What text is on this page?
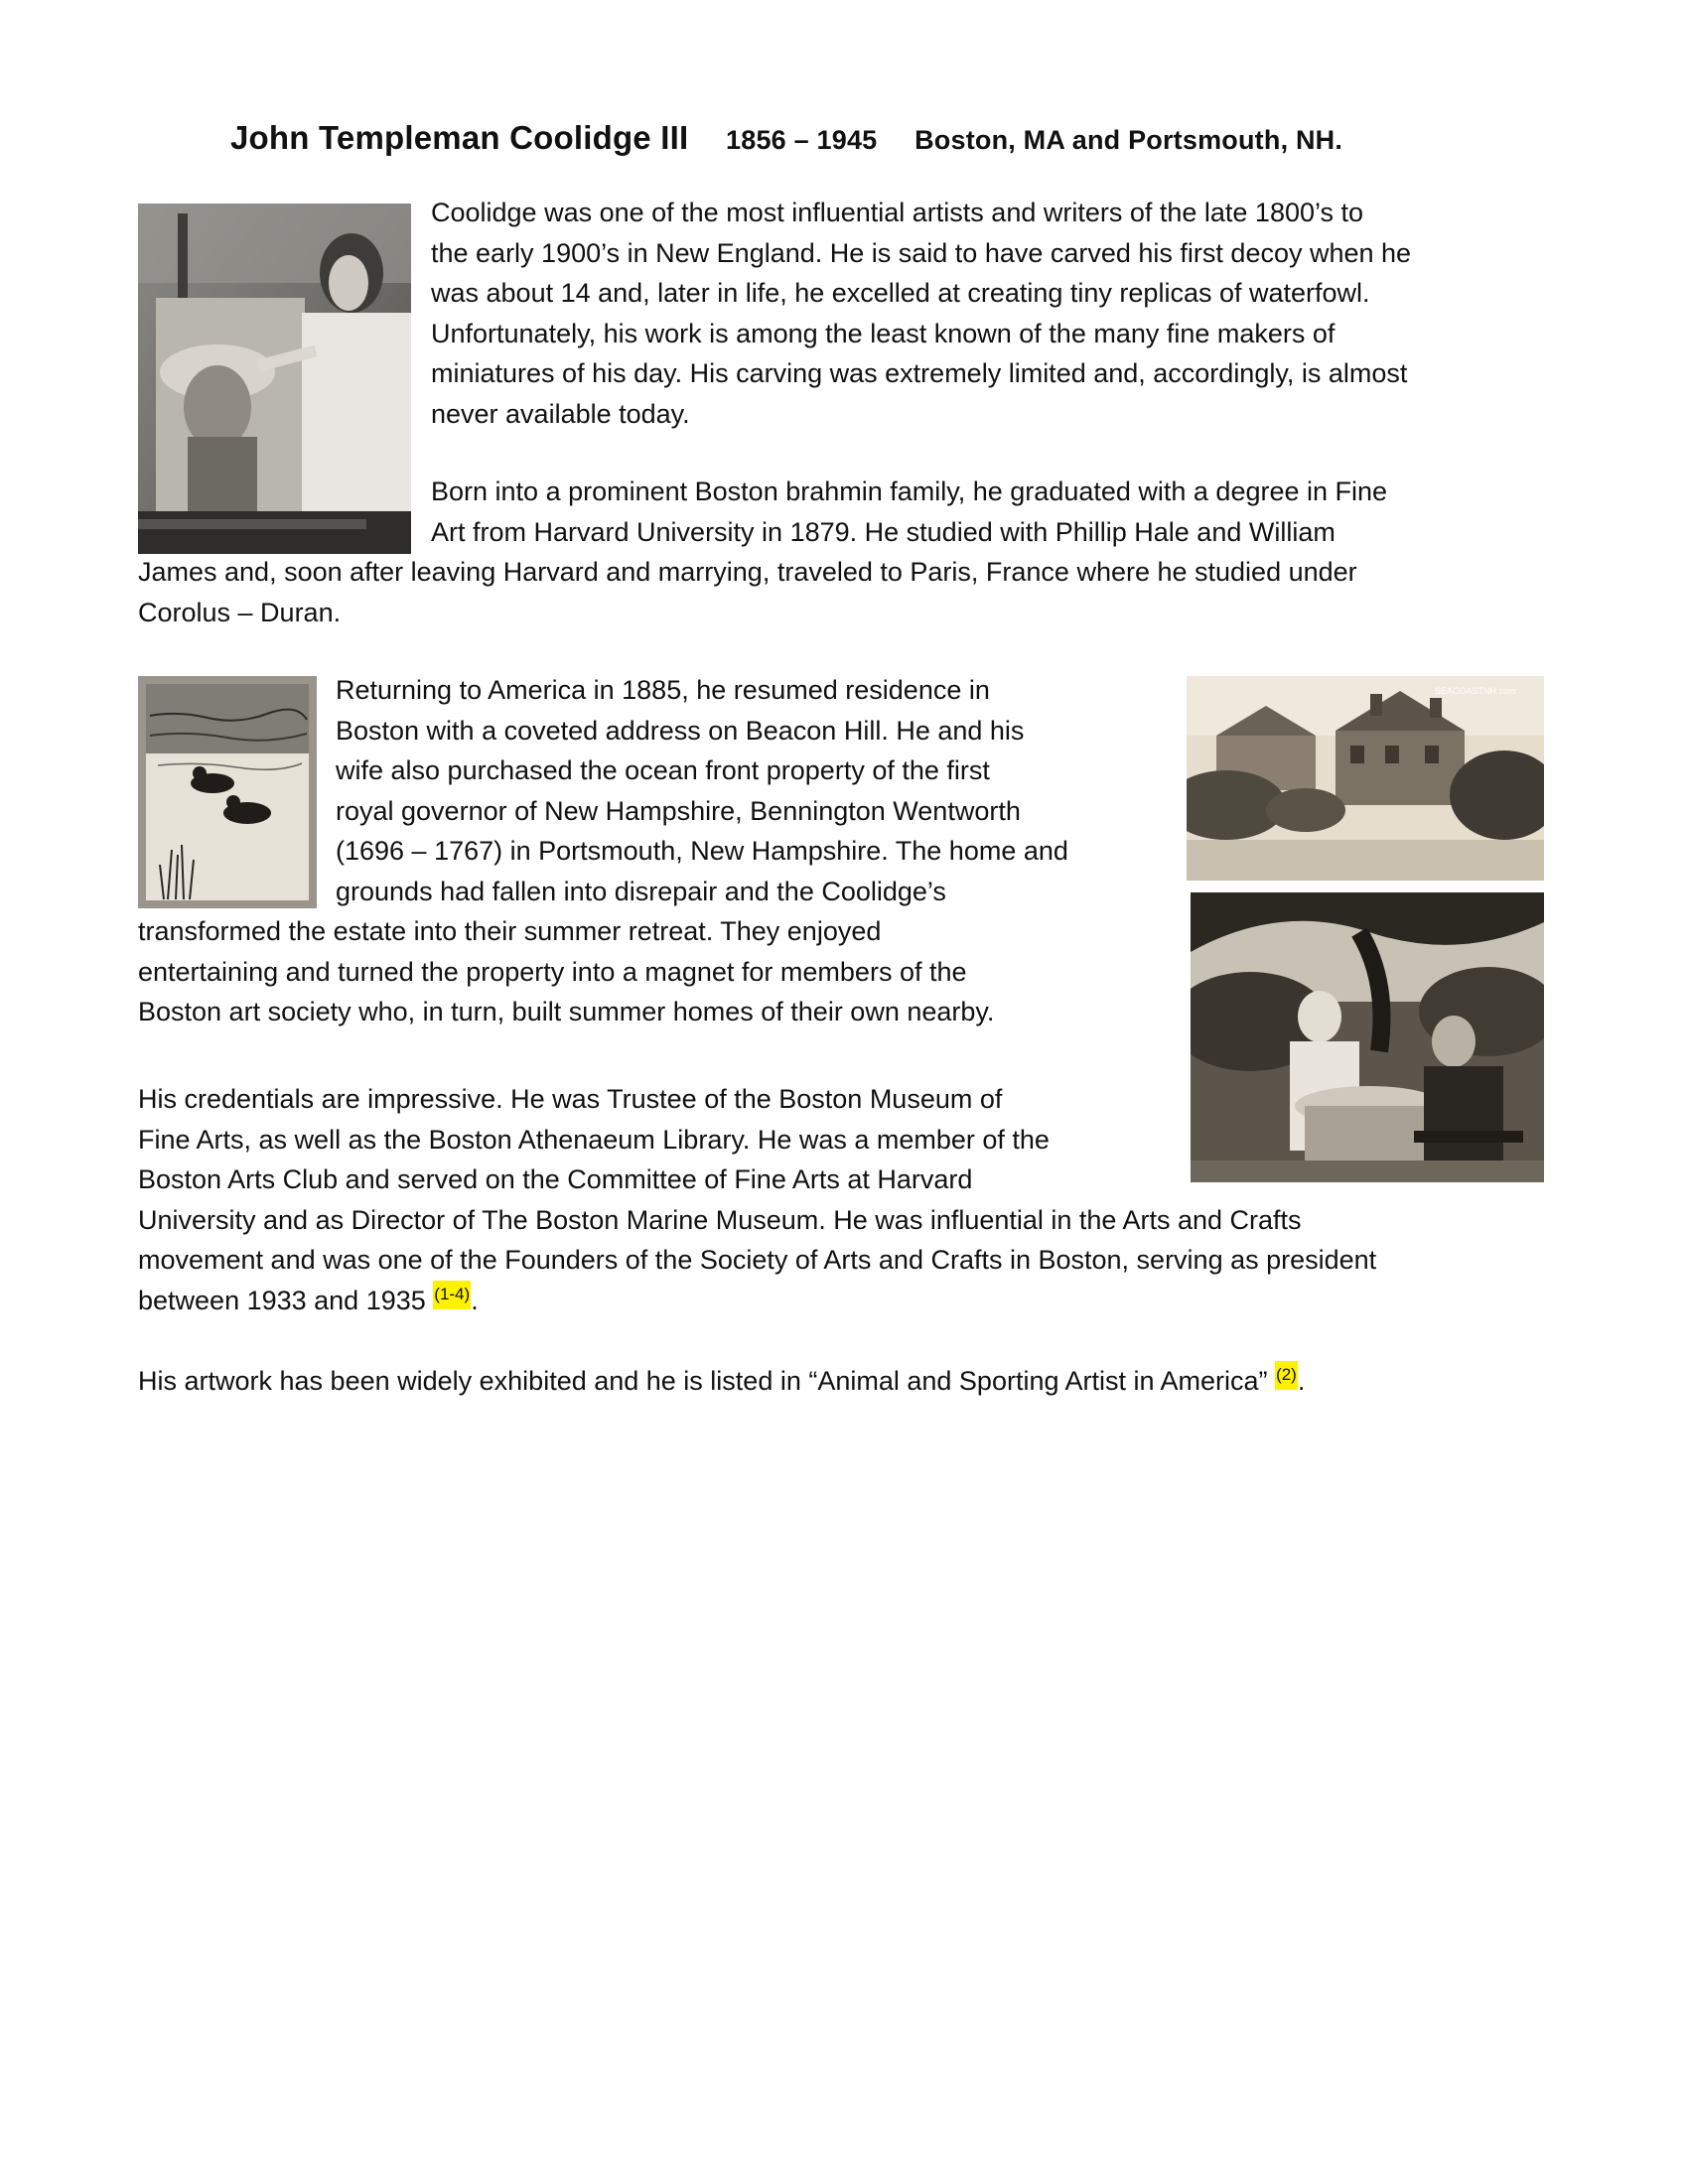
John Templeman Coolidge III 1856 – 1945 Boston, MA and Portsmouth, NH.

Coolidge was one of the most influential artists and writers of the late 1800’s to
the early 1900’s in New England. He is said to have carved his first decoy when he
was about 14 and, later in life, he excelled at creating tiny replicas of waterfowl.
Unfortunately, his work is among the least known of the many fine makers of
miniatures of his day. His carving was extremely limited and, accordingly, is almost
never available today.

Born into a prominent Boston brahmin family, he graduated with a degree in Fine
Art from Harvard University in 1879. He studied with Phillip Hale and William
James and, soon after leaving Harvard and marrying, traveled to Paris, France where he studied under
Corolus – Duran.

Returning to America in 1885, he resumed residence in
Boston with a coveted address on Beacon Hill. He and his
wife also purchased the ocean front property of the first
royal governor of New Hampshire, Bennington Wentworth
(1696 – 1767) in Portsmouth, New Hampshire. The home and
grounds had fallen into disrepair and the Coolidge’s
transformed the estate into their summer retreat. They enjoyed
entertaining and turned the property into a magnet for members of the
Boston art society who, in turn, built summer homes of their own nearby.

SEACOASTNH.com

His credentials are impressive. He was Trustee of the Boston Museum of
Fine Arts, as well as the Boston Athenaeum Library. He was a member of the
Boston Arts Club and served on the Committee of Fine Arts at Harvard
University and as Director of The Boston Marine Museum. He was influential in the Arts and Crafts
movement and was one of the Founders of the Society of Arts and Crafts in Boston, serving as president
between 1933 and 1935 $^{(1-4)}$.

His artwork has been widely exhibited and he is listed in “Animal and Sporting Artist in America” $^{(2)}$.
